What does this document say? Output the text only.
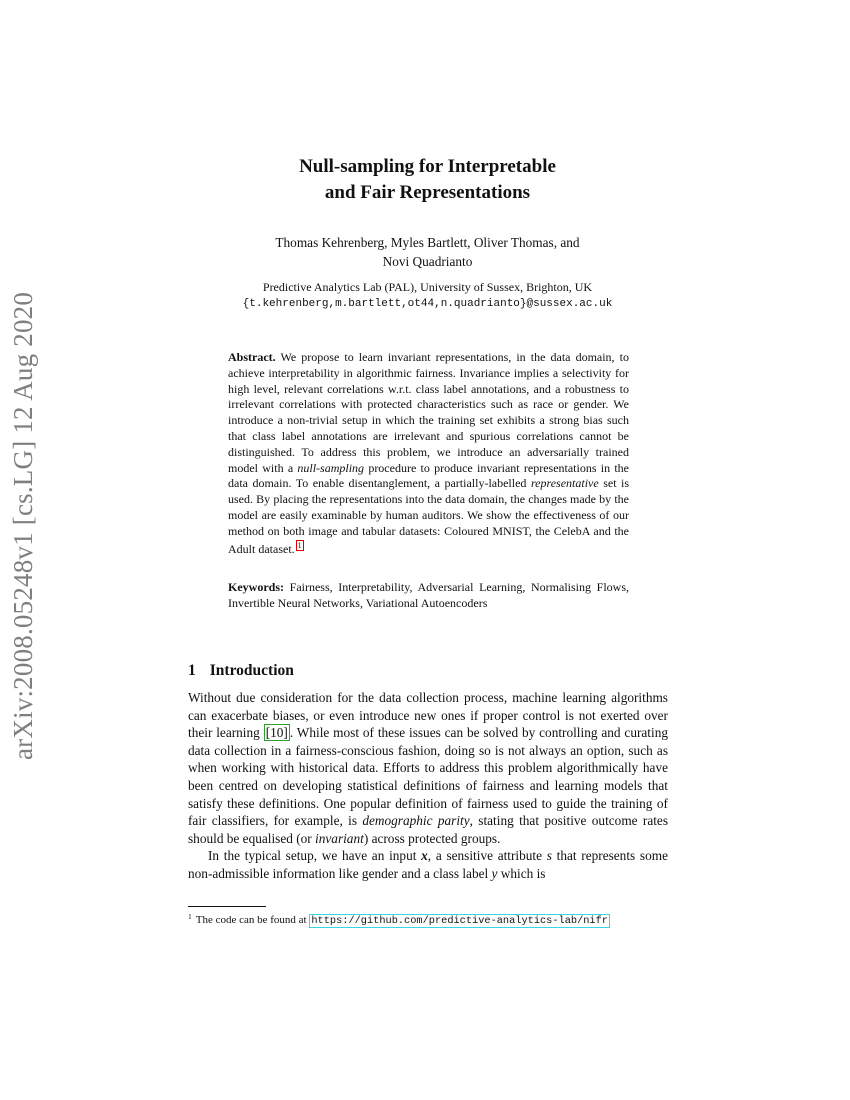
arXiv:2008.05248v1 [cs.LG] 12 Aug 2020
Null-sampling for Interpretable
and Fair Representations
Thomas Kehrenberg, Myles Bartlett, Oliver Thomas, and
Novi Quadrianto
Predictive Analytics Lab (PAL), University of Sussex, Brighton, UK
{t.kehrenberg,m.bartlett,ot44,n.quadrianto}@sussex.ac.uk
Abstract. We propose to learn invariant representations, in the data domain, to achieve interpretability in algorithmic fairness. Invariance implies a selectivity for high level, relevant correlations w.r.t. class label annotations, and a robustness to irrelevant correlations with protected characteristics such as race or gender. We introduce a non-trivial setup in which the training set exhibits a strong bias such that class label annotations are irrelevant and spurious correlations cannot be distinguished. To address this problem, we introduce an adversarially trained model with a null-sampling procedure to produce invariant representations in the data domain. To enable disentanglement, a partially-labelled representative set is used. By placing the representations into the data domain, the changes made by the model are easily examinable by human auditors. We show the effectiveness of our method on both image and tabular datasets: Coloured MNIST, the CelebA and the Adult dataset. 1
Keywords: Fairness, Interpretability, Adversarial Learning, Normalising Flows, Invertible Neural Networks, Variational Autoencoders
1 Introduction

Without due consideration for the data collection process, machine learning algorithms can exacerbate biases, or even introduce new ones if proper control is not exerted over their learning [10] . While most of these issues can be solved by controlling and curating data collection in a fairness-conscious fashion, doing so is not always an option, such as when working with historical data. Efforts to address this problem algorithmically have been centred on developing statistical definitions of fairness and learning models that satisfy these definitions. One popular definition of fairness used to guide the training of fair classifiers, for example, is demographic parity, stating that positive outcome rates should be equalised (or invariant) across protected groups.

In the typical setup, we have an input x, a sensitive attribute s that represents some non-admissible information like gender and a class label y which is

$^1$ The code can be found at https://github.com/predictive-analytics-lab/nifr
